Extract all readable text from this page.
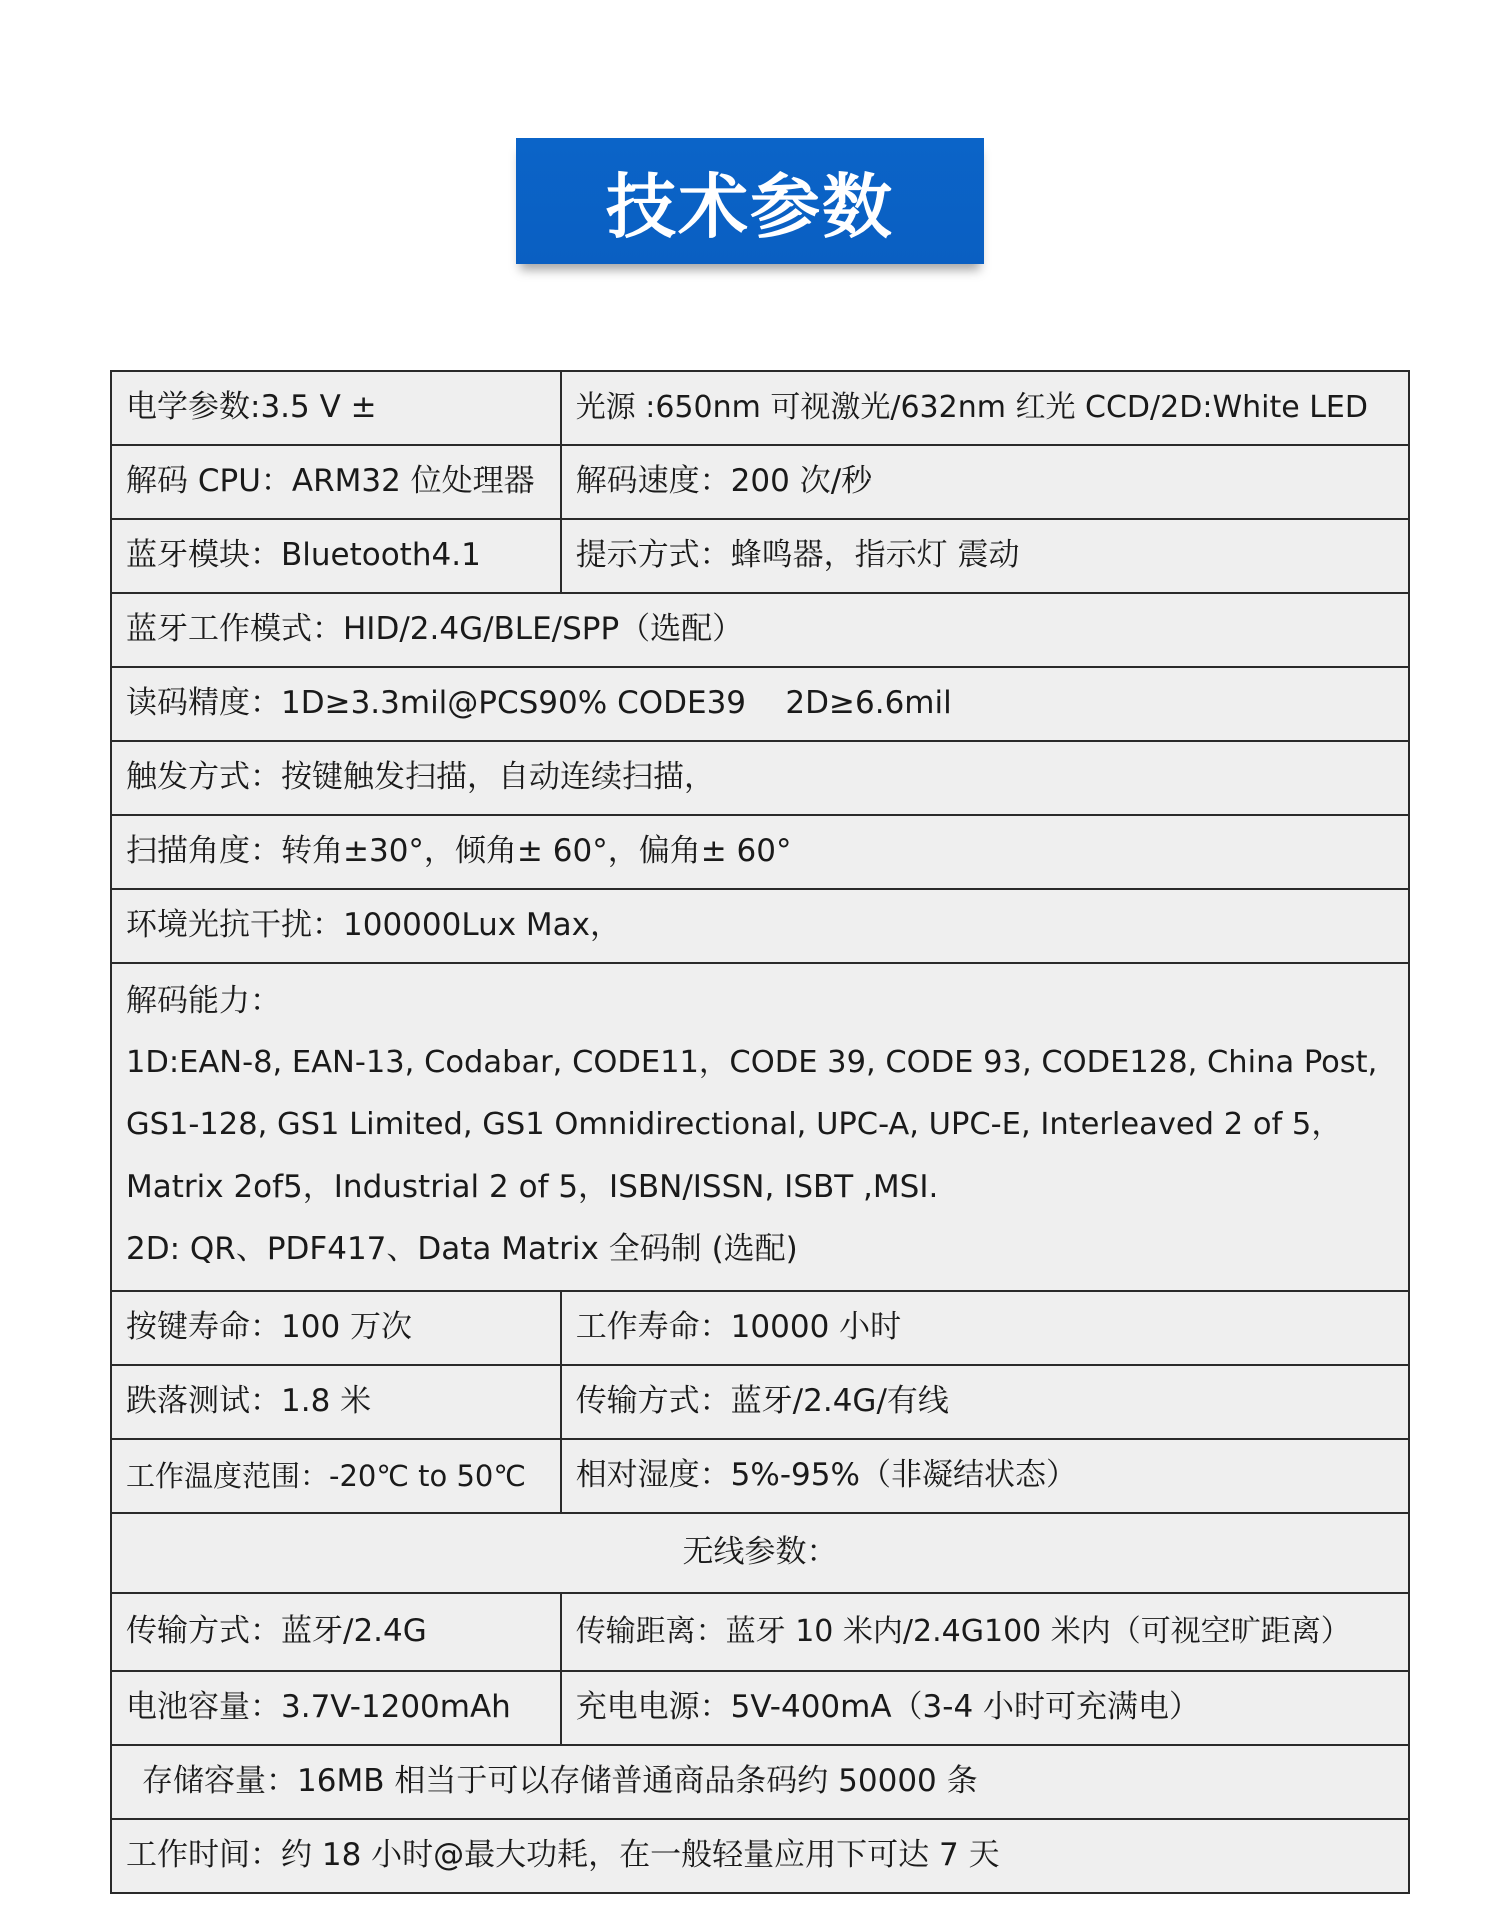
技术参数
电学参数:3.5 V ±	光源 :650nm 可视激光/632nm 红光 CCD/2D:White LED
解码 CPU：ARM32 位处理器	解码速度：200 次/秒
蓝牙模块：Bluetooth4.1	提示方式：蜂鸣器，指示灯 震动
蓝牙工作模式：HID/2.4G/BLE/SPP（选配）	
读码精度：1D≥3.3mil@PCS90% CODE39    2D≥6.6mil	
触发方式：按键触发扫描，自动连续扫描，	
扫描角度：转角±30°，倾角± 60°，偏角± 60°	
环境光抗干扰：100000Lux Max，	

解码能力：
1D:EAN-8, EAN-13, Codabar, CODE11，CODE 39, CODE 93, CODE128, China Post,
GS1-128, GS1 Limited, GS1 Omnidirectional, UPC-A, UPC-E, Interleaved 2 of 5，
Matrix 2of5，Industrial 2 of 5，ISBN/ISSN, ISBT ,MSI.
2D: QR、PDF417、Data Matrix 全码制 (选配)	

按键寿命：100 万次	工作寿命：10000 小时
跌落测试：1.8 米	传输方式：蓝牙/2.4G/有线
工作温度范围：-20℃ to 50℃	相对湿度：5%-95%（非凝结状态）
无线参数：	
传输方式：蓝牙/2.4G	传输距离：蓝牙 10 米内/2.4G100 米内（可视空旷距离）
电池容量：3.7V-1200mAh	充电电源：5V-400mA（3-4 小时可充满电）
存储容量：16MB 相当于可以存储普通商品条码约 50000 条	
工作时间：约 18 小时@最大功耗，在一般轻量应用下可达 7 天	
